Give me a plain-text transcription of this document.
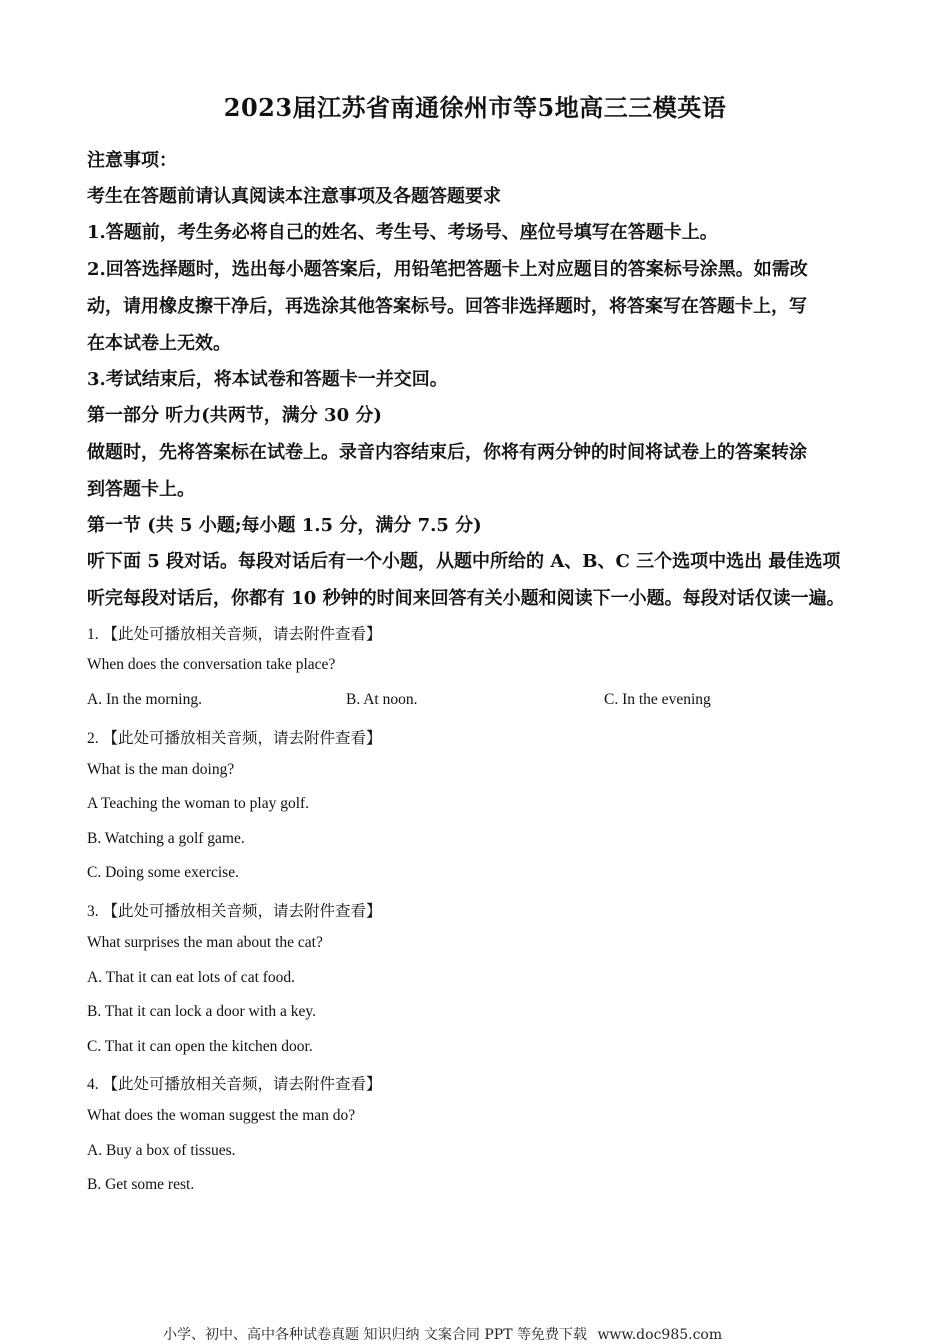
2023届江苏省南通徐州市等5地高三三模英语
注意事项：
考生在答题前请认真阅读本注意事项及各题答题要求
1.答题前，考生务必将自己的姓名、考生号、考场号、座位号填写在答题卡上。
2.回答选择题时，选出每小题答案后，用铅笔把答题卡上对应题目的答案标号涂黑。如需改
动，请用橡皮擦干净后，再选涂其他答案标号。回答非选择题时，将答案写在答题卡上，写
在本试卷上无效。
3.考试结束后，将本试卷和答题卡一并交回。
第一部分 听力(共两节，满分 30 分)
做题时，先将答案标在试卷上。录音内容结束后，你将有两分钟的时间将试卷上的答案转涂
到答题卡上。
第一节 (共 5 小题;每小题 1.5 分，满分 7.5 分)
听下面 5 段对话。每段对话后有一个小题，从题中所给的 A、B、C 三个选项中选出 最佳选项
听完每段对话后，你都有 10 秒钟的时间来回答有关小题和阅读下一小题。每段对话仅读一遍。
1. 【此处可播放相关音频，请去附件查看】
When does the conversation take place?
A. In the morning.	B. At noon.	C. In the evening
2. 【此处可播放相关音频，请去附件查看】
What is the man doing?
A Teaching the woman to play golf.
B. Watching a golf game.
C. Doing some exercise.
3. 【此处可播放相关音频，请去附件查看】
What surprises the man about the cat?
A. That it can eat lots of cat food.
B. That it can lock a door with a key.
C. That it can open the kitchen door.
4. 【此处可播放相关音频，请去附件查看】
What does the woman suggest the man do?
A. Buy a box of tissues.
B. Get some rest.
小学、初中、高中各种试卷真题 知识归纳 文案合同 PPT 等免费下载 www.doc985.com
